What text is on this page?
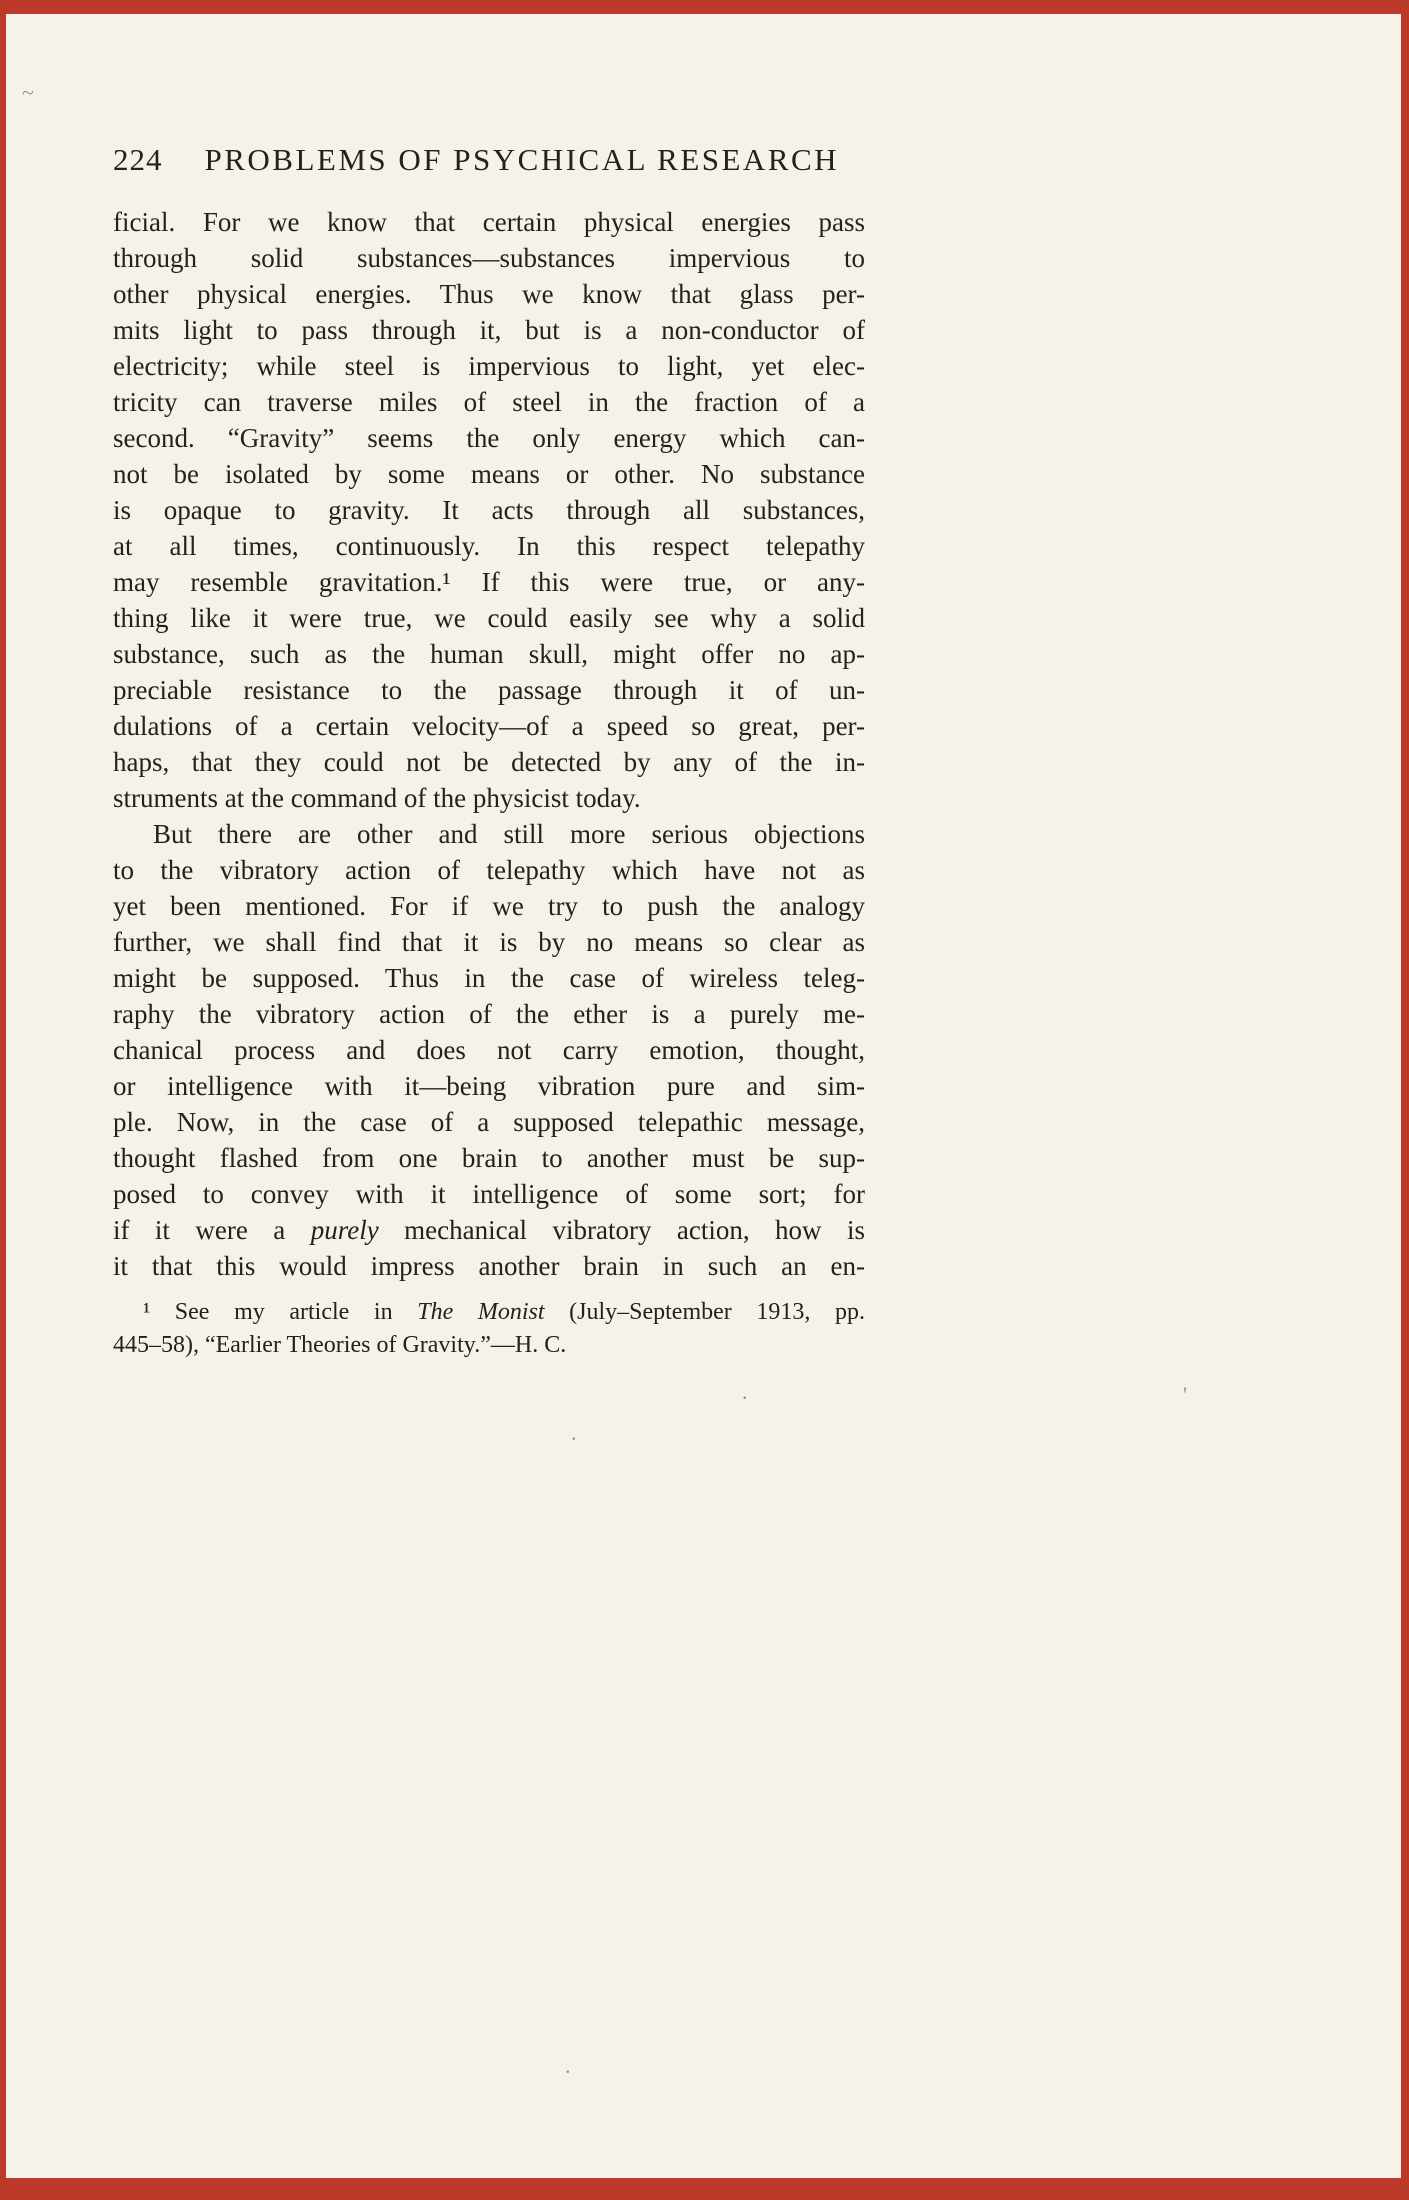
224 PROBLEMS OF PSYCHICAL RESEARCH
ficial. For we know that certain physical energies pass
through solid substances—substances impervious to
other physical energies. Thus we know that glass per-
mits light to pass through it, but is a non-conductor of
electricity; while steel is impervious to light, yet elec-
tricity can traverse miles of steel in the fraction of a
second. “Gravity” seems the only energy which can-
not be isolated by some means or other. No substance
is opaque to gravity. It acts through all substances,
at all times, continuously. In this respect telepathy
may resemble gravitation.¹ If this were true, or any-
thing like it were true, we could easily see why a solid
substance, such as the human skull, might offer no ap-
preciable resistance to the passage through it of un-
dulations of a certain velocity—of a speed so great, per-
haps, that they could not be detected by any of the in-
struments at the command of the physicist today.
But there are other and still more serious objections
to the vibratory action of telepathy which have not as
yet been mentioned. For if we try to push the analogy
further, we shall find that it is by no means so clear as
might be supposed. Thus in the case of wireless teleg-
raphy the vibratory action of the ether is a purely me-
chanical process and does not carry emotion, thought,
or intelligence with it—being vibration pure and sim-
ple. Now, in the case of a supposed telepathic message,
thought flashed from one brain to another must be sup-
posed to convey with it intelligence of some sort; for
if it were a purely mechanical vibratory action, how is
it that this would impress another brain in such an en-
¹ See my article in The Monist (July–September 1913, pp.
445–58), “Earlier Theories of Gravity.”—H. C.
~
.	'
.
.
